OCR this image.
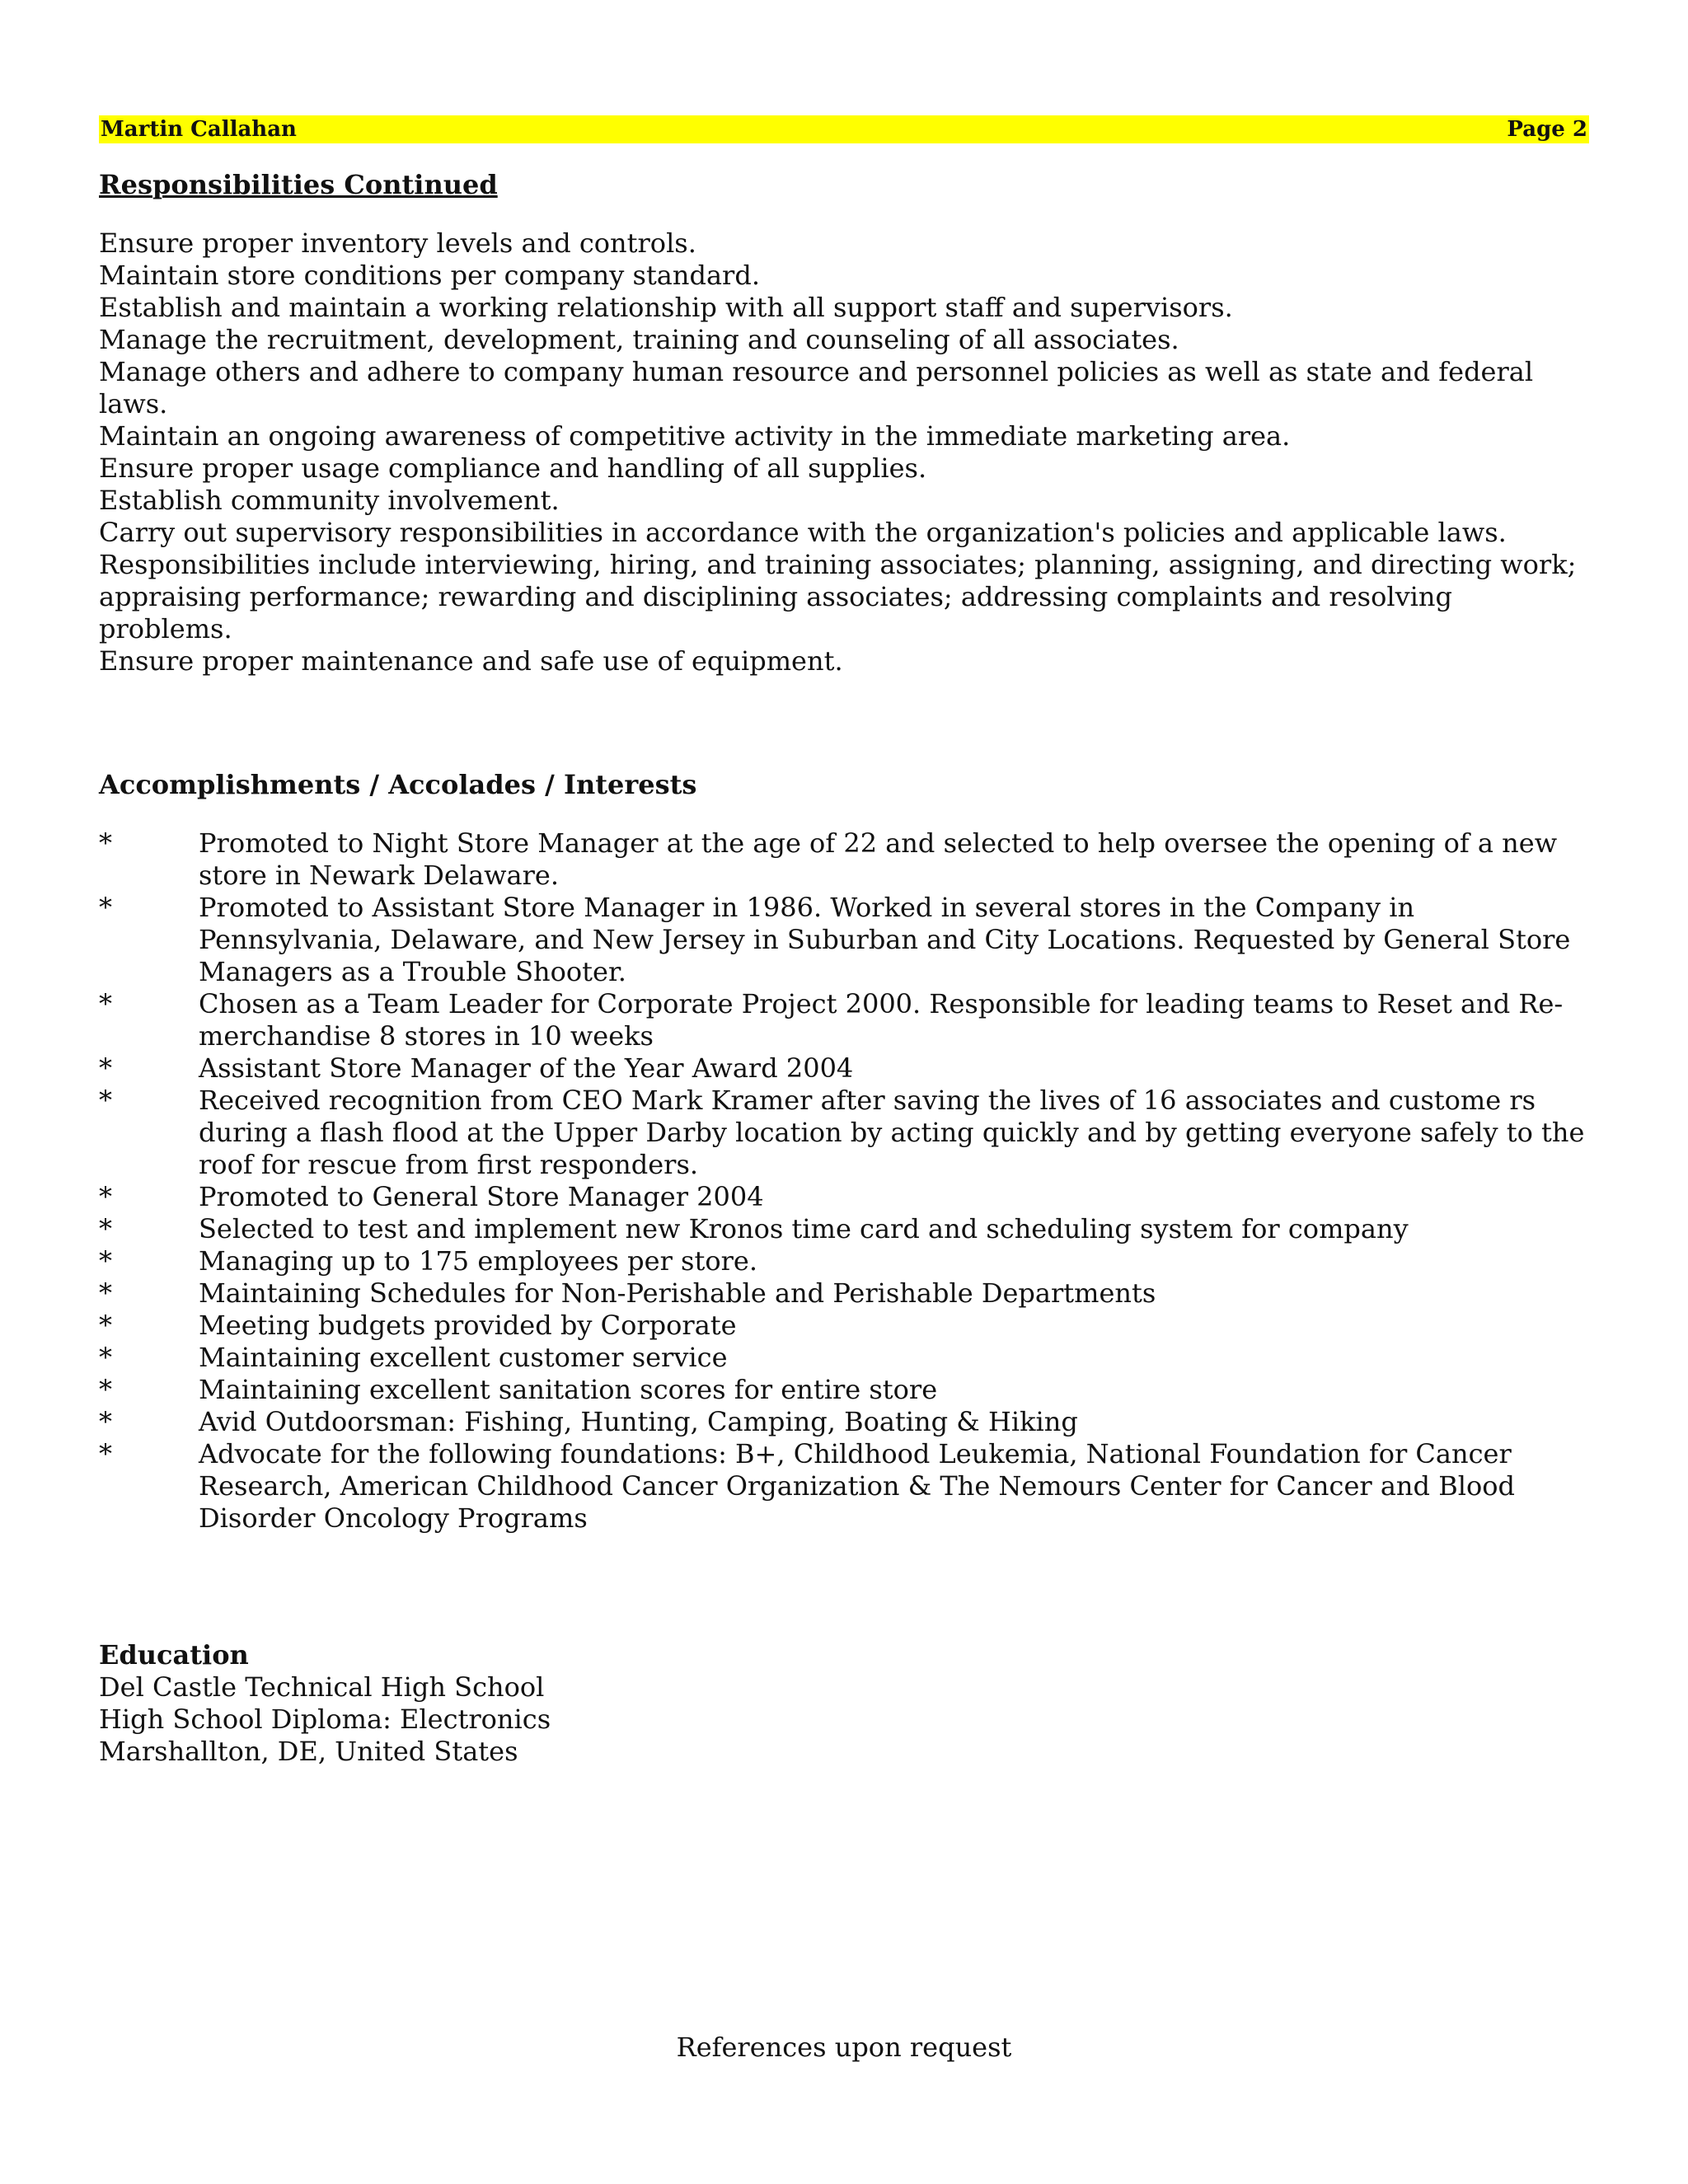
Martin Callahan	Page 2
Responsibilities Continued
Ensure proper inventory levels and controls.
Maintain store conditions per company standard.
Establish and maintain a working relationship with all support staff and supervisors.
Manage the recruitment, development, training and counseling of all associates.
Manage others and adhere to company human resource and personnel policies as well as state and federal
laws.
Maintain an ongoing awareness of competitive activity in the immediate marketing area.
Ensure proper usage compliance and handling of all supplies.
Establish community involvement.
Carry out supervisory responsibilities in accordance with the organization's policies and applicable laws.
Responsibilities include interviewing, hiring, and training associates; planning, assigning, and directing work;
appraising performance; rewarding and disciplining associates; addressing complaints and resolving
problems.
Ensure proper maintenance and safe use of equipment.
Accomplishments / Accolades / Interests
*	Promoted to Night Store Manager at the age of 22 and selected to help oversee the opening of a new store in Newark Delaware.
*	Promoted to Assistant Store Manager in 1986. Worked in several stores in the Company in Pennsylvania, Delaware, and New Jersey in Suburban and City Locations. Requested by General Store Managers as a Trouble Shooter.
*	Chosen as a Team Leader for Corporate Project 2000. Responsible for leading teams to Reset and Re-merchandise 8 stores in 10 weeks
*	Assistant Store Manager of the Year Award 2004
*	Received recognition from CEO Mark Kramer after saving the lives of 16 associates and custome rs during a flash flood at the Upper Darby location by acting quickly and by getting everyone safely to the roof for rescue from first responders.
*	Promoted to General Store Manager 2004
*	Selected to test and implement new Kronos time card and scheduling system for company
*	Managing up to 175 employees per store.
*	Maintaining Schedules for Non-Perishable and Perishable Departments
*	Meeting budgets provided by Corporate
*	Maintaining excellent customer service
*	Maintaining excellent sanitation scores for entire store
*	Avid Outdoorsman: Fishing, Hunting, Camping, Boating & Hiking
*	Advocate for the following foundations: B+, Childhood Leukemia, National Foundation for Cancer Research, American Childhood Cancer Organization & The Nemours Center for Cancer and Blood Disorder Oncology Programs
Education
Del Castle Technical High School
High School Diploma: Electronics
Marshallton, DE, United States
References upon request
